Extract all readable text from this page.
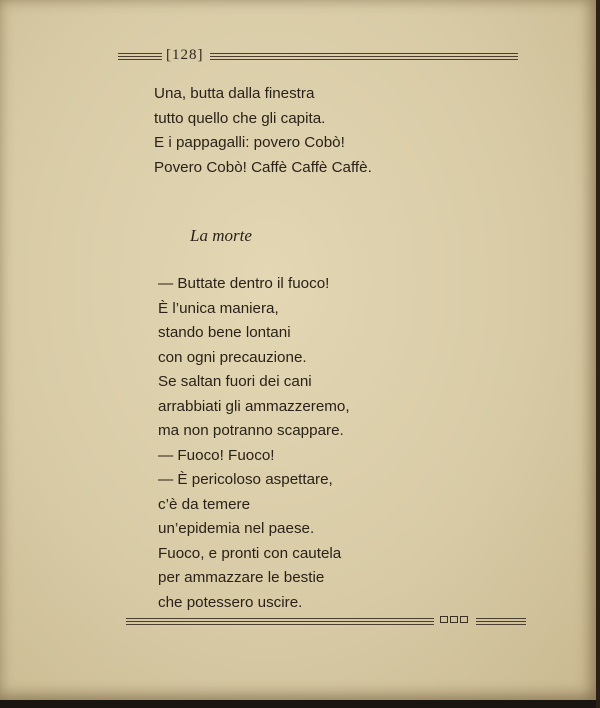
[128]
Una, butta dalla finestra
tutto quello che gli capita.
E i pappagalli: povero Cobò!
Povero Cobò! Caffè Caffè Caffè.
La morte
— Buttate dentro il fuoco!
È l’unica maniera,
stando bene lontani
con ogni precauzione.
Se saltan fuori dei cani
arrabbiati gli ammazzeremo,
ma non potranno scappare.
— Fuoco! Fuoco!
— È pericoloso aspettare,
c’è da temere
un’epidemia nel paese.
Fuoco, e pronti con cautela
per ammazzare le bestie
che potessero uscire.
